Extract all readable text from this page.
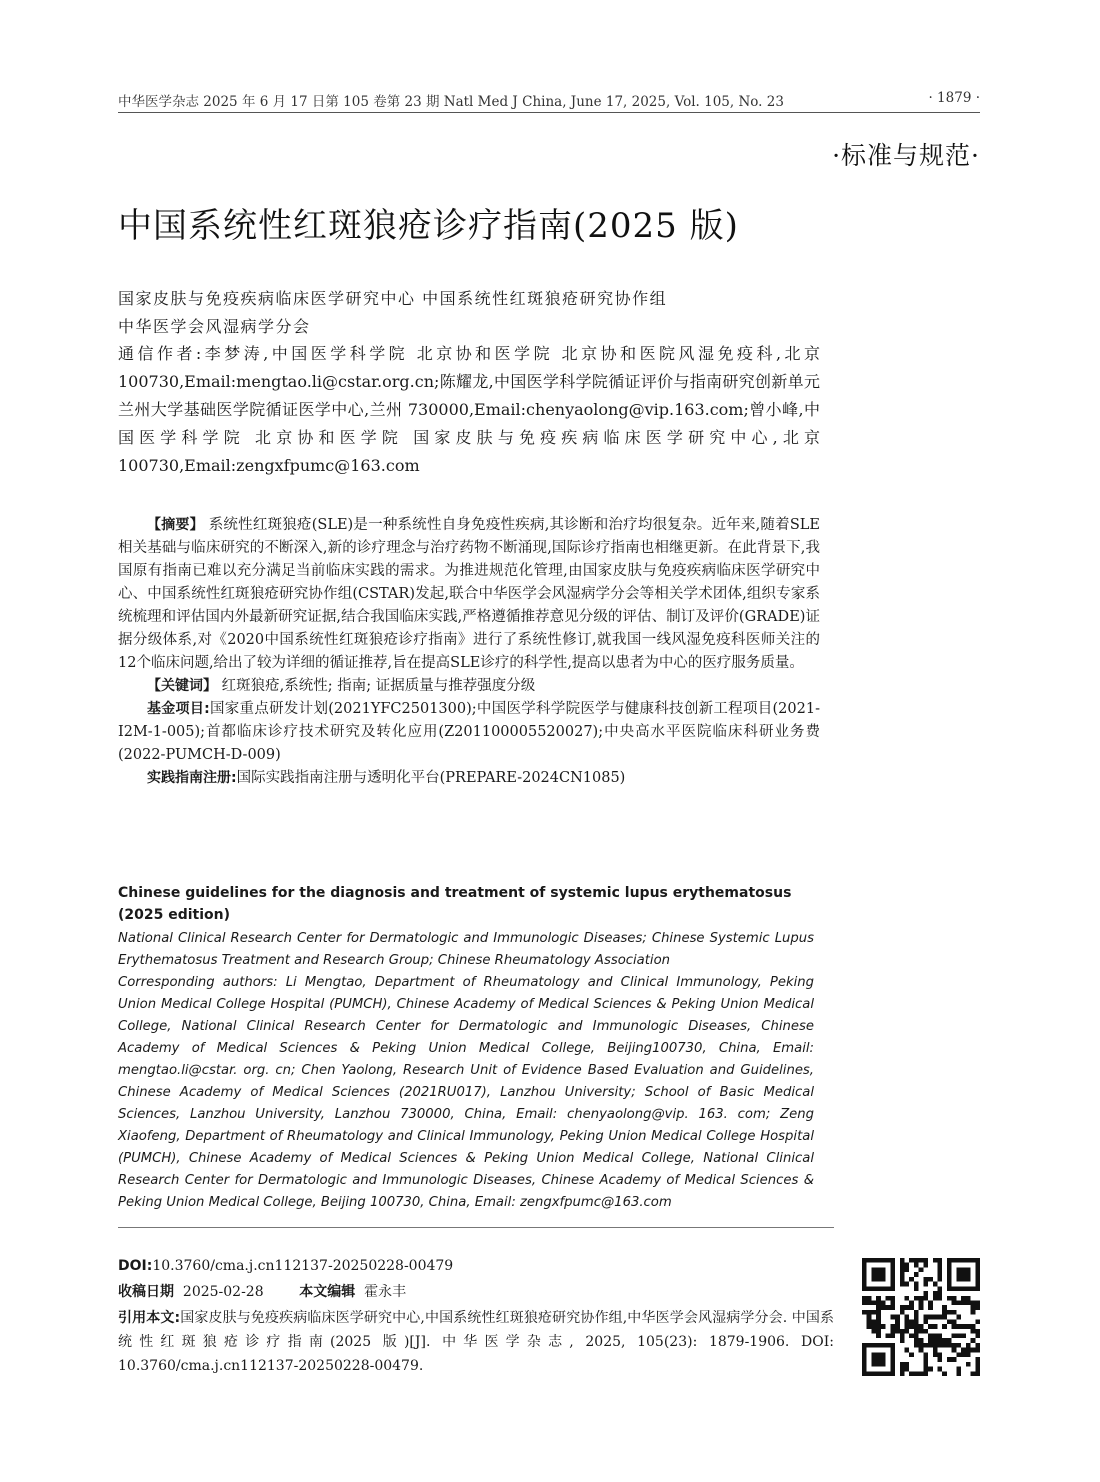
中华医学杂志 2025 年 6 月 17 日第 105 卷第 23 期 Natl Med J China, June 17, 2025, Vol. 105, No. 23	· 1879 ·
·标准与规范·
中国系统性红斑狼疮诊疗指南(2025 版)
国家皮肤与免疫疾病临床医学研究中心 中国系统性红斑狼疮研究协作组
中华医学会风湿病学分会
通信作者:李梦涛,中国医学科学院 北京协和医学院 北京协和医院风湿免疫科,北京 100730,Email:mengtao.li@cstar.org.cn;陈耀龙,中国医学科学院循证评价与指南研究创新单元 兰州大学基础医学院循证医学中心,兰州 730000,Email:chenyaolong@vip.163.com;曾小峰,中国医学科学院 北京协和医学院 国家皮肤与免疫疾病临床医学研究中心,北京 100730,Email:zengxfpumc@163.com

【摘要】 系统性红斑狼疮(SLE)是一种系统性自身免疫性疾病,其诊断和治疗均很复杂。近年来,随着SLE相关基础与临床研究的不断深入,新的诊疗理念与治疗药物不断涌现,国际诊疗指南也相继更新。在此背景下,我国原有指南已难以充分满足当前临床实践的需求。为推进规范化管理,由国家皮肤与免疫疾病临床医学研究中心、中国系统性红斑狼疮研究协作组(CSTAR)发起,联合中华医学会风湿病学分会等相关学术团体,组织专家系统梳理和评估国内外最新研究证据,结合我国临床实践,严格遵循推荐意见分级的评估、制订及评价(GRADE)证据分级体系,对《2020中国系统性红斑狼疮诊疗指南》进行了系统性修订,就我国一线风湿免疫科医师关注的12个临床问题,给出了较为详细的循证推荐,旨在提高SLE诊疗的科学性,提高以患者为中心的医疗服务质量。

【关键词】 红斑狼疮,系统性; 指南; 证据质量与推荐强度分级

基金项目:国家重点研发计划(2021YFC2501300);中国医学科学院医学与健康科技创新工程项目(2021-I2M-1-005);首都临床诊疗技术研究及转化应用(Z201100005520027);中央高水平医院临床科研业务费(2022-PUMCH-D-009)

实践指南注册:国际实践指南注册与透明化平台(PREPARE-2024CN1085)

Chinese guidelines for the diagnosis and treatment of systemic lupus erythematosus (2025 edition)

National Clinical Research Center for Dermatologic and Immunologic Diseases; Chinese Systemic Lupus Erythematosus Treatment and Research Group; Chinese Rheumatology Association

Corresponding authors: Li Mengtao, Department of Rheumatology and Clinical Immunology, Peking Union Medical College Hospital (PUMCH), Chinese Academy of Medical Sciences & Peking Union Medical College, National Clinical Research Center for Dermatologic and Immunologic Diseases, Chinese Academy of Medical Sciences & Peking Union Medical College, Beijing100730, China, Email: mengtao.li@cstar. org. cn; Chen Yaolong, Research Unit of Evidence Based Evaluation and Guidelines, Chinese Academy of Medical Sciences (2021RU017), Lanzhou University; School of Basic Medical Sciences, Lanzhou University, Lanzhou 730000, China, Email: chenyaolong@vip. 163. com; Zeng Xiaofeng, Department of Rheumatology and Clinical Immunology, Peking Union Medical College Hospital (PUMCH), Chinese Academy of Medical Sciences & Peking Union Medical College, National Clinical Research Center for Dermatologic and Immunologic Diseases, Chinese Academy of Medical Sciences & Peking Union Medical College, Beijing 100730, China, Email: zengxfpumc@163.com

DOI:10.3760/cma.j.cn112137-20250228-00479
收稿日期 2025-02-28	本文编辑 霍永丰
引用本文:国家皮肤与免疫疾病临床医学研究中心,中国系统性红斑狼疮研究协作组,中华医学会风湿病学分会. 中国系统性红斑狼疮诊疗指南(2025 版)[J]. 中华医学杂志, 2025, 105(23): 1879-1906. DOI: 10.3760/cma.j.cn112137-20250228-00479.
